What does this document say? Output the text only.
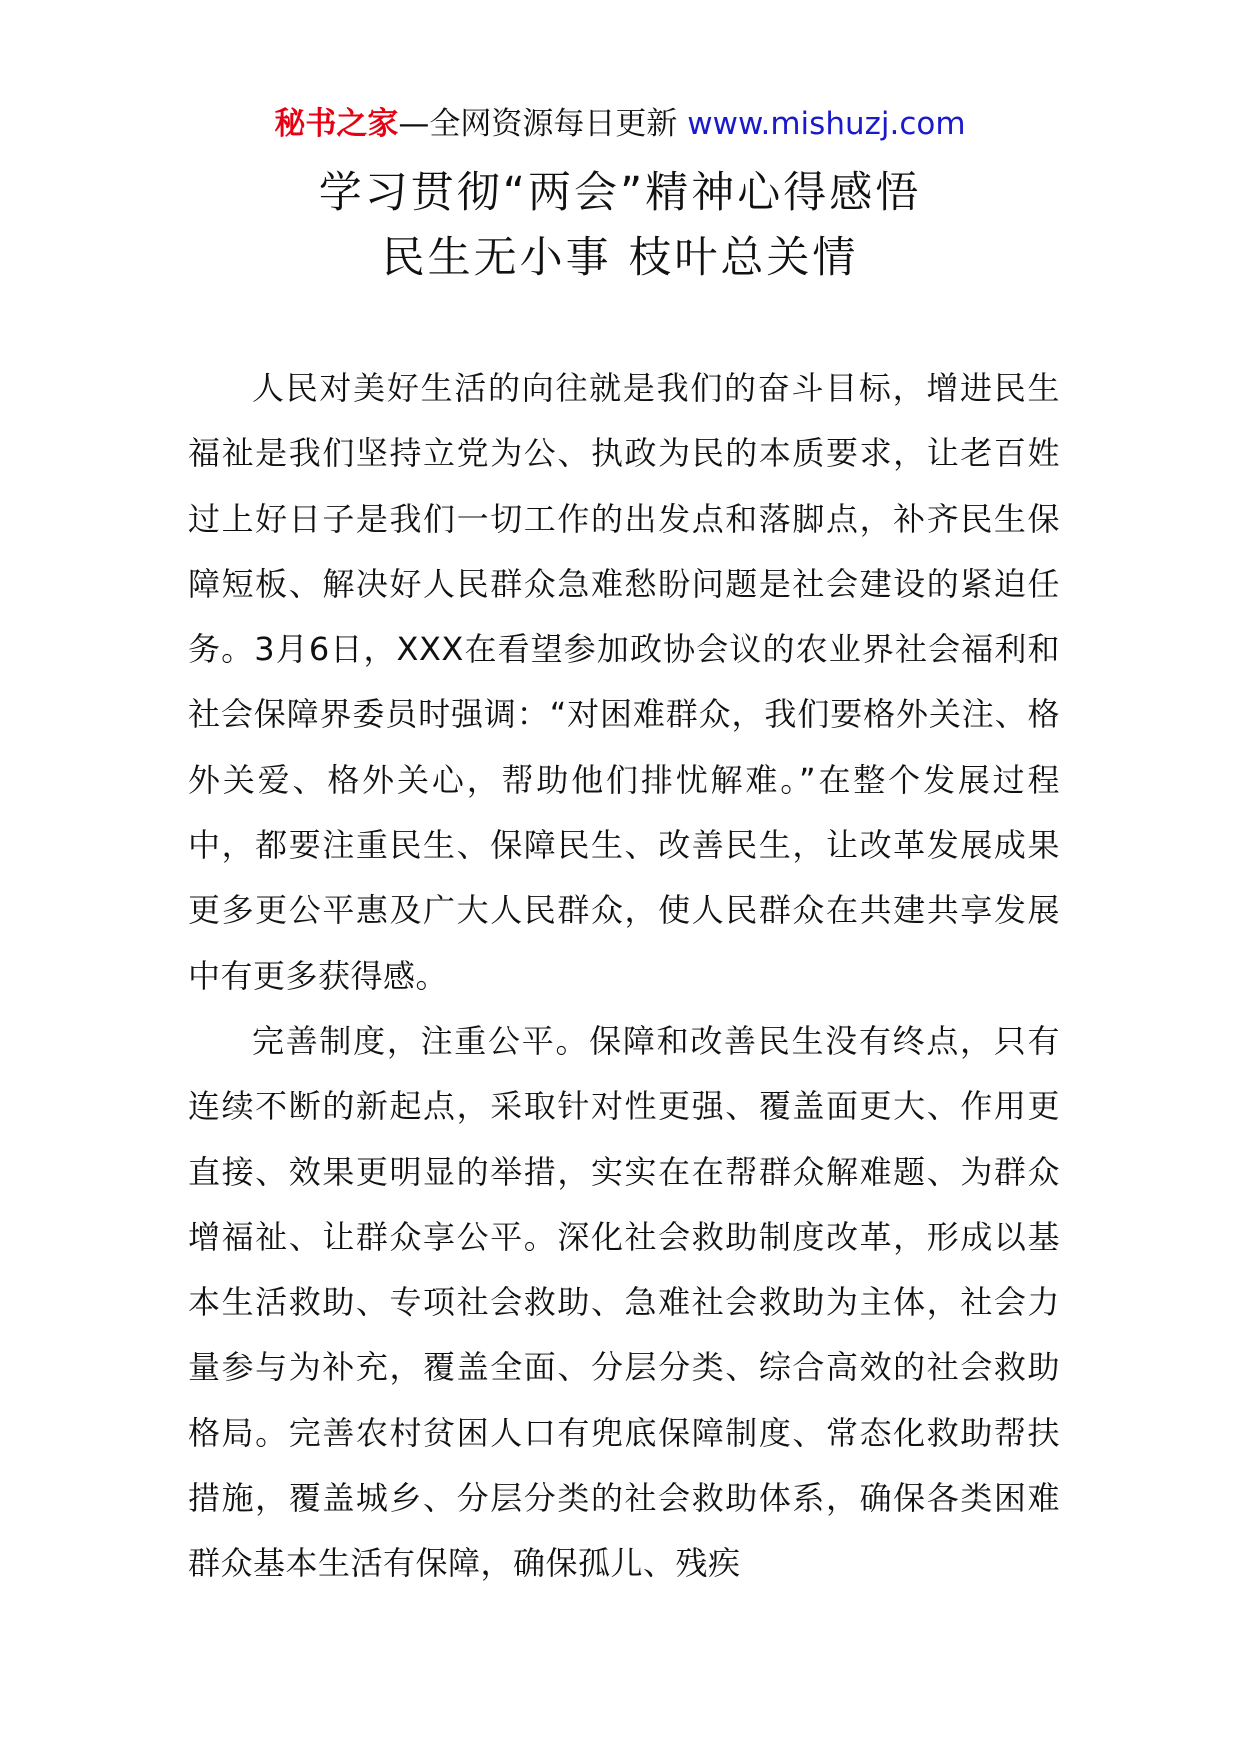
秘书之家—全网资源每日更新 www.mishuzj.com
学习贯彻“两会”精神心得感悟
民生无小事 枝叶总关情

人民对美好生活的向往就是我们的奋斗目标，增进民生福祉是我们坚持立党为公、执政为民的本质要求，让老百姓过上好日子是我们一切工作的出发点和落脚点，补齐民生保障短板、解决好人民群众急难愁盼问题是社会建设的紧迫任务。3月6日，XXX在看望参加政协会议的农业界社会福利和社会保障界委员时强调：“对困难群众，我们要格外关注、格外关爱、格外关心，帮助他们排忧解难。”在整个发展过程中，都要注重民生、保障民生、改善民生，让改革发展成果更多更公平惠及广大人民群众，使人民群众在共建共享发展中有更多获得感。

完善制度，注重公平。保障和改善民生没有终点，只有连续不断的新起点，采取针对性更强、覆盖面更大、作用更直接、效果更明显的举措，实实在在帮群众解难题、为群众增福祉、让群众享公平。深化社会救助制度改革，形成以基本生活救助、专项社会救助、急难社会救助为主体，社会力量参与为补充，覆盖全面、分层分类、综合高效的社会救助格局。完善农村贫困人口有兜底保障制度、常态化救助帮扶措施，覆盖城乡、分层分类的社会救助体系，确保各类困难群众基本生活有保障，确保孤儿、残疾
